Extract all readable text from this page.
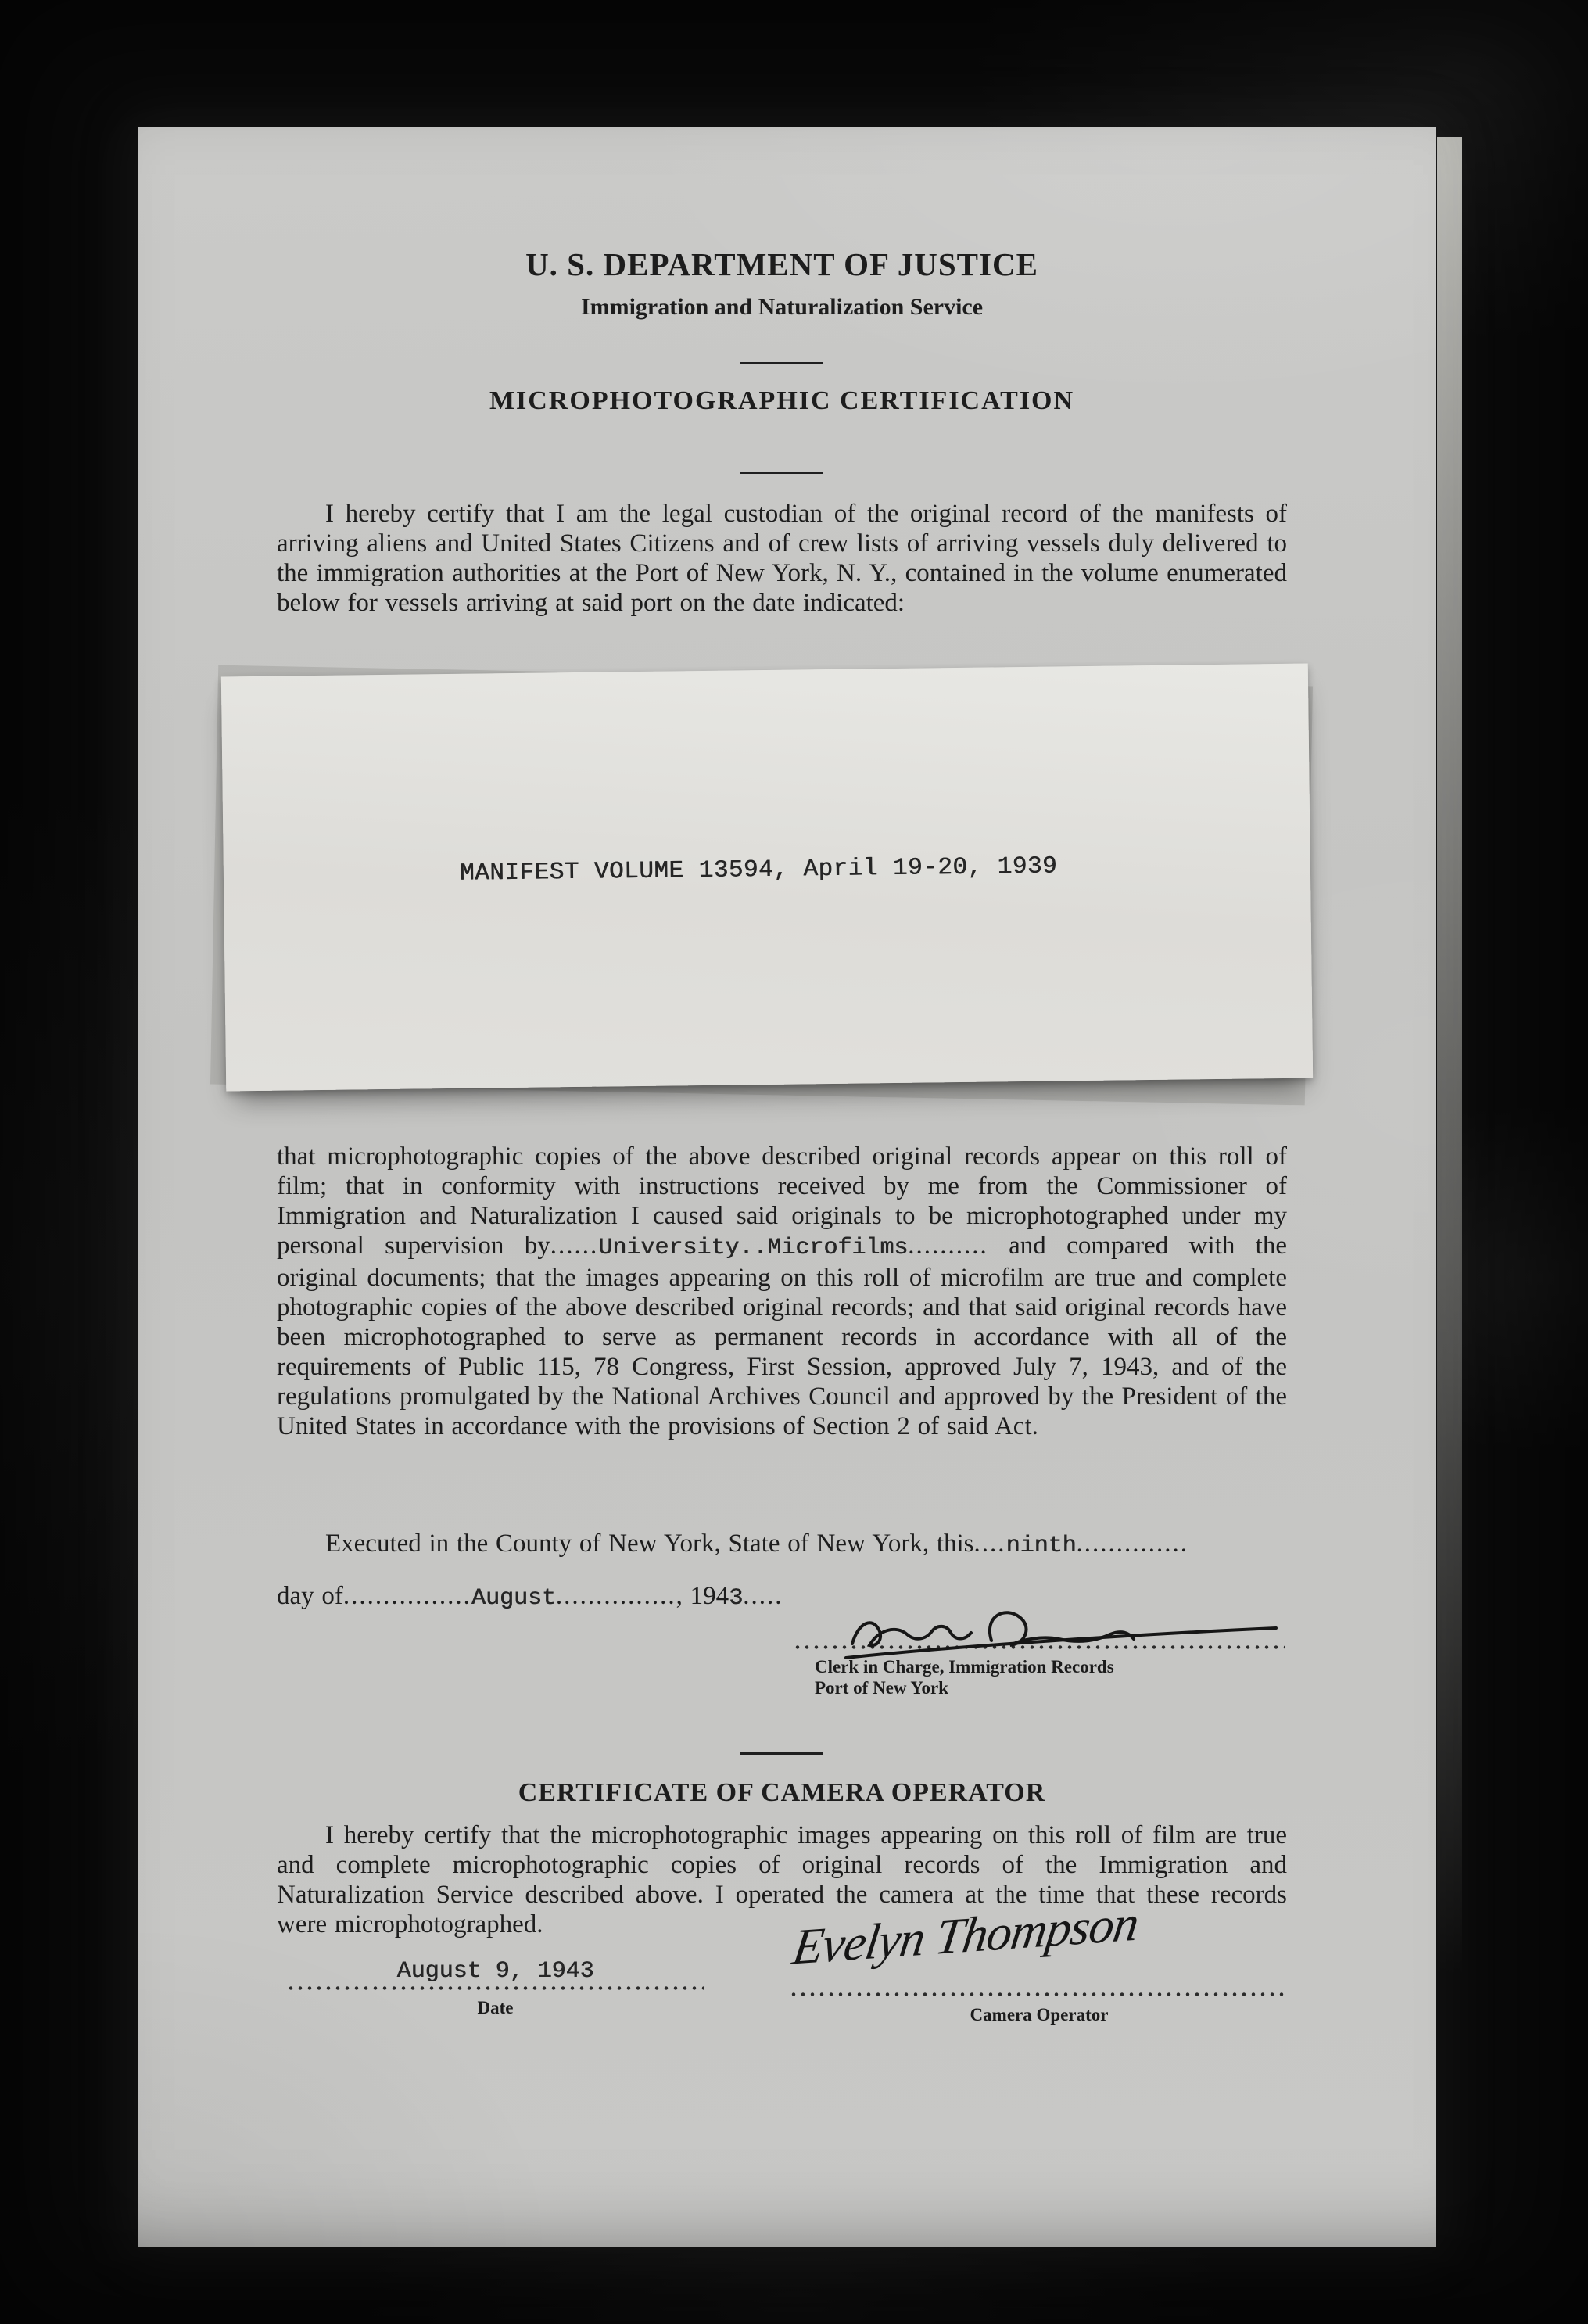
U. S. DEPARTMENT OF JUSTICE
Immigration and Naturalization Service
MICROPHOTOGRAPHIC CERTIFICATION

I hereby certify that I am the legal custodian of the original record of the manifests of arriving aliens and United States Citizens and of crew lists of arriving vessels duly delivered to the immigration authorities at the Port of New York, N. Y., contained in the volume enumerated below for vessels arriving at said port on the date indicated:

that microphotographic copies of the above described original records appear on this roll of film; that in conformity with instructions received by me from the Commissioner of Immigration and Naturalization I caused said originals to be microphotographed under my personal supervision by......University..Microfilms.......... and compared with the original documents; that the images appearing on this roll of microfilm are true and complete photographic copies of the above described original records; and that said original records have been microphotographed to serve as permanent records in accordance with all of the requirements of Public 115, 78 Congress, First Session, approved July 7, 1943, and of the regulations promulgated by the National Archives Council and approved by the President of the United States in accordance with the provisions of Section 2 of said Act.

Executed in the County of New York, State of New York, this....ninth..............

day of................August..............., 1943.....

Clerk in Charge, Immigration Records
Port of New York
CERTIFICATE OF CAMERA OPERATOR

I hereby certify that the microphotographic images appearing on this roll of film are true and complete microphotographic copies of original records of the Immigration and Naturalization Service described above. I operated the camera at the time that these records were microphotographed.

August 9, 1943
Date
Evelyn Thompson
Camera Operator
MANIFEST VOLUME 13594, April 19-20, 1939
